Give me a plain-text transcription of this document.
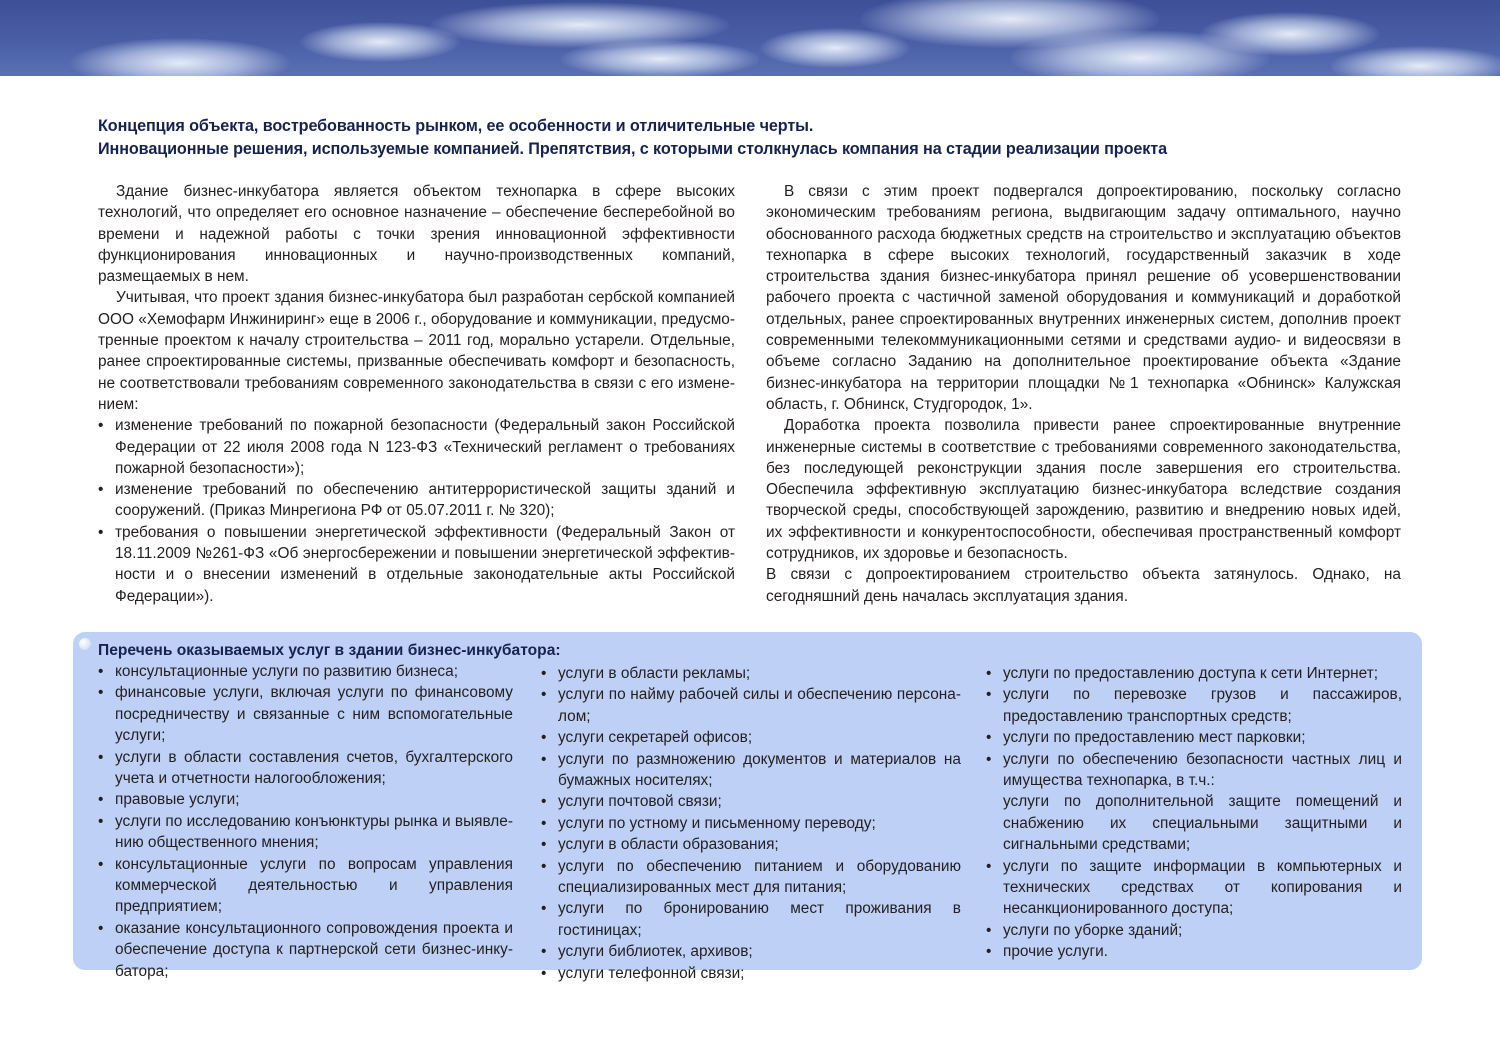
Концепция объекта, востребованность рынком, ее особенности и отличительные черты.
Инновационные решения, используемые компанией. Препятствия, с которыми столкнулась компания на стадии реализации проекта

Здание бизнес-инкубатора является объектом технопарка в сфере высоких технологий, что определяет его основное назначение – обеспечение бесперебойной во времени и надежной работы с точки зрения инновационной эффективности функционирования инновационных и научно-производственных компаний, размещаемых в нем.

Учитывая, что проект здания бизнес-инкубатора был разработан сербской компанией ООО «Хемофарм Инжиниринг» еще в 2006 г., оборудование и коммуникации, предусмотренные проектом к началу строительства – 2011 год, морально устарели. Отдельные, ранее спроектированные системы, призванные обеспечивать комфорт и безопасность, не соответствовали требованиям современного законодательства в связи с его изменением:

• изменение требований по пожарной безопасности (Федеральный закон Российской Федерации от 22 июля 2008 года N 123-ФЗ «Технический регламент о требованиях пожарной безопасности»);
• изменение требований по обеспечению антитеррористической защиты зданий и сооружений. (Приказ Минрегиона РФ от 05.07.2011 г. № 320);
• требования о повышении энергетической эффективности (Федеральный Закон от 18.11.2009 №261-ФЗ «Об энергосбережении и повышении энергетической эффективности и о внесении изменений в отдельные законодательные акты Российской Федерации»).

В связи с этим проект подвергался допроектированию, поскольку согласно экономическим требованиям региона, выдвигающим задачу оптимального, научно обоснованного расхода бюджетных средств на строительство и эксплуатацию объектов технопарка в сфере высоких технологий, государственный заказчик в ходе строительства здания бизнес-инкубатора принял решение об усовершенствовании рабочего проекта с частичной заменой оборудования и коммуникаций и доработкой отдельных, ранее спроектированных внутренних инженерных систем, дополнив проект современными телекоммуникационными сетями и средствами аудио- и видеосвязи в объеме согласно Заданию на дополнительное проектирование объекта «Здание бизнес-инкубатора на территории площадки №1 технопарка «Обнинск» Калужская область, г. Обнинск, Студгородок, 1».

Доработка проекта позволила привести ранее спроектированные внутренние инженерные системы в соответствие с требованиями современного законодательства, без последующей реконструкции здания после завершения его строительства. Обеспечила эффективную эксплуатацию бизнес-инкубатора вследствие создания творческой среды, способствующей зарождению, развитию и внедрению новых идей, их эффективности и конкурентоспособности, обеспечивая пространственный комфорт сотрудников, их здоровье и безопасность.

В связи с допроектированием строительство объекта затянулось. Однако, на сегодняшний день началась эксплуатация здания.

Перечень оказываемых услуг в здании бизнес-инкубатора:
• консультационные услуги по развитию бизнеса;
• финансовые услуги, включая услуги по финансовому посредничеству и связанные с ним вспомогательные услуги;
• услуги в области составления счетов, бухгалтерского учета и отчетности налогообложения;
• правовые услуги;
• услуги по исследованию конъюнктуры рынка и выявлению общественного мнения;
• консультационные услуги по вопросам управления коммерческой деятельностью и управления предприятием;
• оказание консультационного сопровождения проекта и обеспечение доступа к партнерской сети бизнес-инкубатора;
• услуги в области рекламы;
• услуги по найму рабочей силы и обеспечению персоналом;
• услуги секретарей офисов;
• услуги по размножению документов и материалов на бумажных носителях;
• услуги почтовой связи;
• услуги по устному и письменному переводу;
• услуги в области образования;
• услуги по обеспечению питанием и оборудованию специализированных мест для питания;
• услуги по бронированию мест проживания в гостиницах;
• услуги библиотек, архивов;
• услуги телефонной связи;
• услуги по предоставлению доступа к сети Интернет;
• услуги по перевозке грузов и пассажиров, предоставлению транспортных средств;
• услуги по предоставлению мест парковки;
• услуги по обеспечению безопасности частных лиц и имущества технопарка, в т.ч.:
услуги по дополнительной защите помещений и снабжению их специальными защитными и сигнальными средствами;
• услуги по защите информации в компьютерных и технических средствах от копирования и несанкционированного доступа;
• услуги по уборке зданий;
• прочие услуги.
